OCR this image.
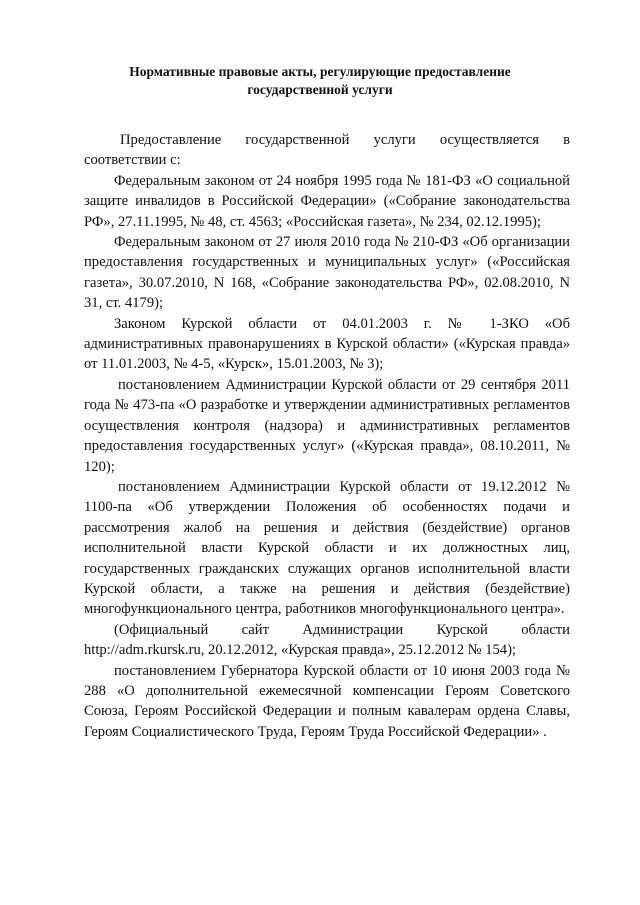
Нормативные правовые акты, регулирующие предоставление
государственной услуги

Предоставление государственной услуги осуществляется в соответствии с:

Федеральным законом от 24 ноября 1995 года № 181-ФЗ «О социальной защите инвалидов в Российской Федерации» («Собрание законодательства РФ», 27.11.1995, № 48, ст. 4563; «Российская газета», № 234, 02.12.1995);

Федеральным законом от 27 июля 2010 года № 210-ФЗ «Об организации предоставления государственных и муниципальных услуг» («Российская газета», 30.07.2010, N 168, «Собрание законодательства РФ», 02.08.2010, N 31, ст. 4179);

Законом Курской области от 04.01.2003 г. № 1-ЗКО «Об административных правонарушениях в Курской области» («Курская правда» от 11.01.2003, № 4-5, «Курск», 15.01.2003, № 3);

постановлением Администрации Курской области от 29 сентября 2011 года № 473-па «О разработке и утверждении административных регламентов осуществления контроля (надзора) и административных регламентов предоставления государственных услуг» («Курская правда», 08.10.2011, № 120);

постановлением Администрации Курской области от 19.12.2012 № 1100-па «Об утверждении Положения об особенностях подачи и рассмотрения жалоб на решения и действия (бездействие) органов исполнительной власти Курской области и их должностных лиц, государственных гражданских служащих органов исполнительной власти Курской области, а также на решения и действия (бездействие) многофункционального центра, работников многофункционального центра».

(Официальный сайт Администрации Курской области http://adm.rkursk.ru, 20.12.2012, «Курская правда», 25.12.2012 № 154);

постановлением Губернатора Курской области от 10 июня 2003 года № 288 «О дополнительной ежемесячной компенсации Героям Советского Союза, Героям Российской Федерации и полным кавалерам ордена Славы, Героям Социалистического Труда, Героям Труда Российской Федерации» .
